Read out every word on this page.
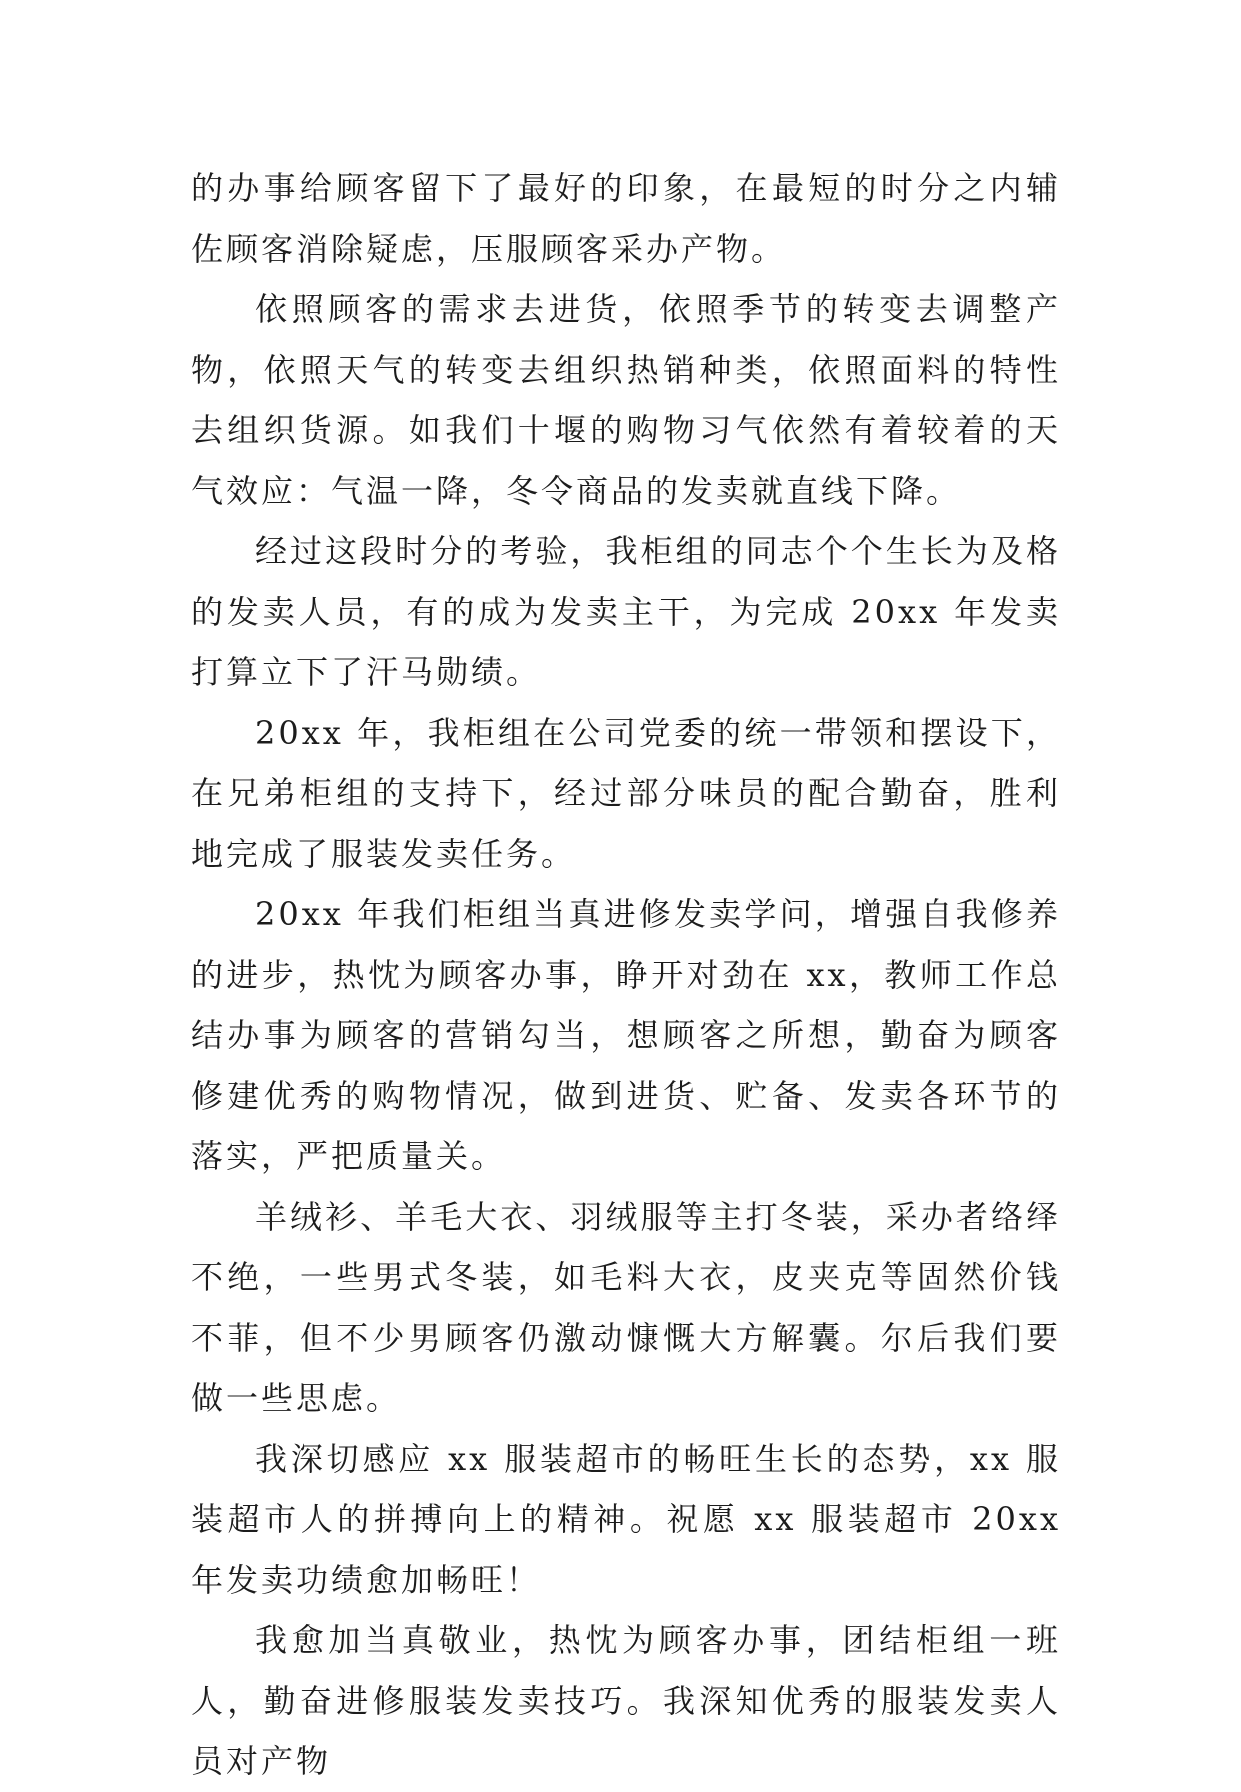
的办事给顾客留下了最好的印象，在最短的时分之内辅佐顾客消除疑虑，压服顾客采办产物。

依照顾客的需求去进货，依照季节的转变去调整产物，依照天气的转变去组织热销种类，依照面料的特性去组织货源。如我们十堰的购物习气依然有着较着的天气效应：气温一降，冬令商品的发卖就直线下降。

经过这段时分的考验，我柜组的同志个个生长为及格的发卖人员，有的成为发卖主干，为完成 20xx 年发卖打算立下了汗马勋绩。

20xx 年，我柜组在公司党委的统一带领和摆设下，在兄弟柜组的支持下，经过部分味员的配合勤奋，胜利地完成了服装发卖任务。

20xx 年我们柜组当真进修发卖学问，增强自我修养的进步，热忱为顾客办事，睁开对劲在 xx，教师工作总结办事为顾客的营销勾当，想顾客之所想，勤奋为顾客修建优秀的购物情况，做到进货、贮备、发卖各环节的落实，严把质量关。

羊绒衫、羊毛大衣、羽绒服等主打冬装，采办者络绎不绝，一些男式冬装，如毛料大衣，皮夹克等固然价钱不菲，但不少男顾客仍激动慷慨大方解囊。尔后我们要做一些思虑。

我深切感应 xx 服装超市的畅旺生长的态势，xx 服装超市人的拼搏向上的精神。祝愿 xx 服装超市 20xx 年发卖功绩愈加畅旺！

我愈加当真敬业，热忱为顾客办事，团结柜组一班人，勤奋进修服装发卖技巧。我深知优秀的服装发卖人员对产物
